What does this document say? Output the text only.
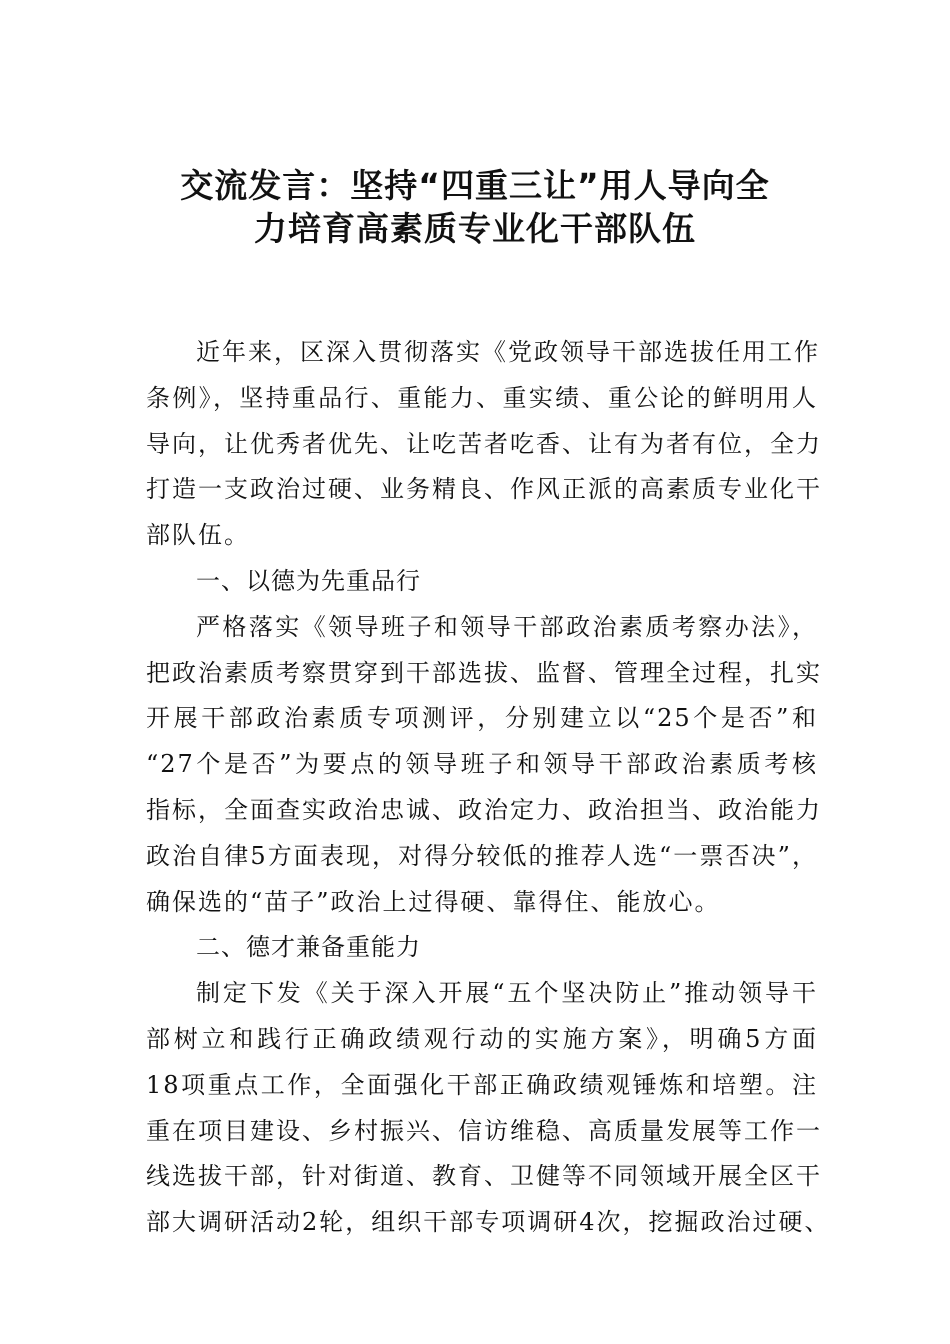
交流发言：坚持“四重三让”用人导向全
力培育高素质专业化干部队伍
近年来，区深入贯彻落实《党政领导干部选拔任用工作
条例》，坚持重品行、重能力、重实绩、重公论的鲜明用人
导向，让优秀者优先、让吃苦者吃香、让有为者有位，全力
打造一支政治过硬、业务精良、作风正派的高素质专业化干
部队伍。
一、以德为先重品行
严格落实《领导班子和领导干部政治素质考察办法》，
把政治素质考察贯穿到干部选拔、监督、管理全过程，扎实
开展干部政治素质专项测评，分别建立以“25个是否”和
“27个是否”为要点的领导班子和领导干部政治素质考核
指标，全面查实政治忠诚、政治定力、政治担当、政治能力
政治自律5方面表现，对得分较低的推荐人选“一票否决”，
确保选的“苗子”政治上过得硬、靠得住、能放心。
二、德才兼备重能力
制定下发《关于深入开展“五个坚决防止”推动领导干
部树立和践行正确政绩观行动的实施方案》，明确5方面
18项重点工作，全面强化干部正确政绩观锤炼和培塑。注
重在项目建设、乡村振兴、信访维稳、高质量发展等工作一
线选拔干部，针对街道、教育、卫健等不同领域开展全区干
部大调研活动2轮，组织干部专项调研4次，挖掘政治过硬、
